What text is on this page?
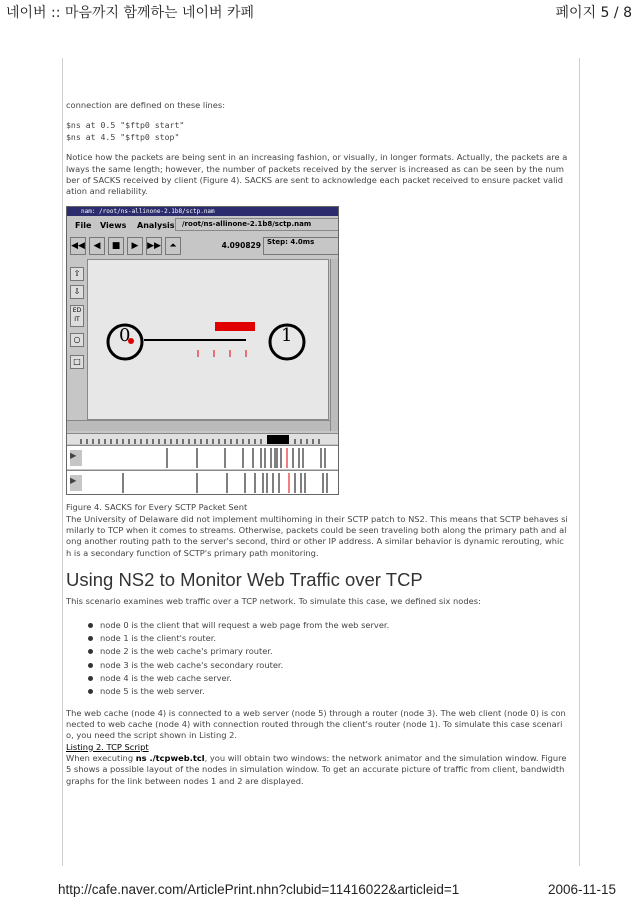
네이버 :: 마음까지 함께하는 네이버 카페	페이지 5 / 8
connection are defined on these lines:
$ns at 0.5 "$ftp0 start"
$ns at 4.5 "$ftp0 stop"
Notice how the packets are being sent in an increasing fashion, or visually, in longer formats. Actually, the packets are always the same length; however, the number of packets received by the server is increased as can be seen by the number of SACKS received by client (Figure 4). SACKS are sent to acknowledge each packet received to ensure packet validation and reliability.
nam: /root/ns-allinone-2.1b8/sctp.nam
File Views Analysis	/root/ns-allinone-2.1b8/sctp.nam
◀◀ ◀	■	▶ ▶▶ ⏶	4.090829 Step: 4.0ms
⇧
⇩
ED IT
○
□
0	1
▶
▶
Figure 4. SACKS for Every SCTP Packet Sent
The University of Delaware did not implement multihoming in their SCTP patch to NS2. This means that SCTP behaves similarly to TCP when it comes to streams. Otherwise, packets could be seen traveling both along the primary path and along another routing path to the server's second, third or other IP address. A similar behavior is dynamic rerouting, which is a secondary function of SCTP's primary path monitoring.
Using NS2 to Monitor Web Traffic over TCP
This scenario examines web traffic over a TCP network. To simulate this case, we defined six nodes:
node 0 is the client that will request a web page from the web server.
node 1 is the client's router.
node 2 is the web cache's primary router.
node 3 is the web cache's secondary router.
node 4 is the web cache server.
node 5 is the web server.
The web cache (node 4) is connected to a web server (node 5) through a router (node 3). The web client (node 0) is connected to web cache (node 4) with connection routed through the client's router (node 1). To simulate this case scenario, you need the script shown in Listing 2.
Listing 2. TCP Script
When executing ns ./tcpweb.tcl, you will obtain two windows: the network animator and the simulation window. Figure 5 shows a possible layout of the nodes in simulation window. To get an accurate picture of traffic from client, bandwidth graphs for the link between nodes 1 and 2 are displayed.
http://cafe.naver.com/ArticlePrint.nhn?clubid=11416022&articleid=1	2006-11-15
